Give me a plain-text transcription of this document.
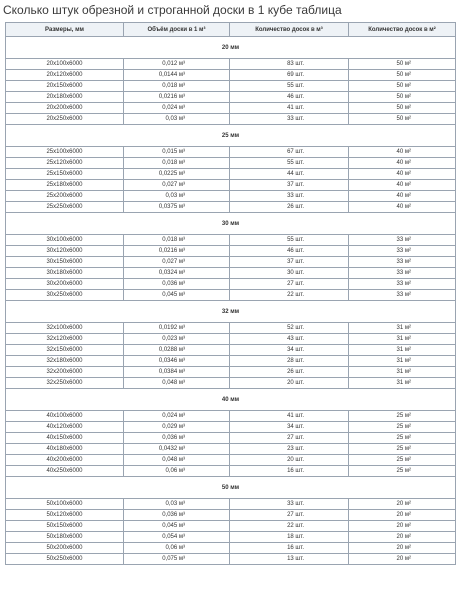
Сколько штук обрезной и строганной доски в 1 кубе таблица
Размеры, мм	Объём доски в 1 м³	Количество досок в м³	Количество досок в м²
20 мм			
20x100x6000	0,012 м³	83 шт.	50 м²
20x120x6000	0,0144 м³	69 шт.	50 м²
20x150x6000	0,018 м³	55 шт.	50 м²
20x180x6000	0,0216 м³	46 шт.	50 м²
20x200x6000	0,024 м³	41 шт.	50 м²
20x250x6000	0,03 м³	33 шт.	50 м²
25 мм			
25x100x6000	0,015 м³	67 шт.	40 м²
25x120x6000	0,018 м³	55 шт.	40 м²
25x150x6000	0,0225 м³	44 шт.	40 м²
25x180x6000	0,027 м³	37 шт.	40 м²
25x200x6000	0,03 м³	33 шт.	40 м²
25x250x6000	0,0375 м³	26 шт.	40 м²
30 мм			
30x100x6000	0,018 м³	55 шт.	33 м²
30x120x6000	0,0216 м³	46 шт.	33 м²
30x150x6000	0,027 м³	37 шт.	33 м²
30x180x6000	0,0324 м³	30 шт.	33 м²
30x200x6000	0,036 м³	27 шт.	33 м²
30x250x6000	0,045 м³	22 шт.	33 м²
32 мм			
32x100x6000	0,0192 м³	52 шт.	31 м²
32x120x6000	0,023 м³	43 шт.	31 м²
32x150x6000	0,0288 м³	34 шт.	31 м²
32x180x6000	0,0346 м³	28 шт.	31 м²
32x200x6000	0,0384 м³	26 шт.	31 м²
32x250x6000	0,048 м³	20 шт.	31 м²
40 мм			
40x100x6000	0,024 м³	41 шт.	25 м²
40x120x6000	0,029 м³	34 шт.	25 м²
40x150x6000	0,036 м³	27 шт.	25 м²
40x180x6000	0,0432 м³	23 шт.	25 м²
40x200x6000	0,048 м³	20 шт.	25 м²
40x250x6000	0,06 м³	16 шт.	25 м²
50 мм			
50x100x6000	0,03 м³	33 шт.	20 м²
50x120x6000	0,036 м³	27 шт.	20 м²
50x150x6000	0,045 м³	22 шт.	20 м²
50x180x6000	0,054 м³	18 шт.	20 м²
50x200x6000	0,06 м³	16 шт.	20 м²
50x250x6000	0,075 м³	13 шт.	20 м²
